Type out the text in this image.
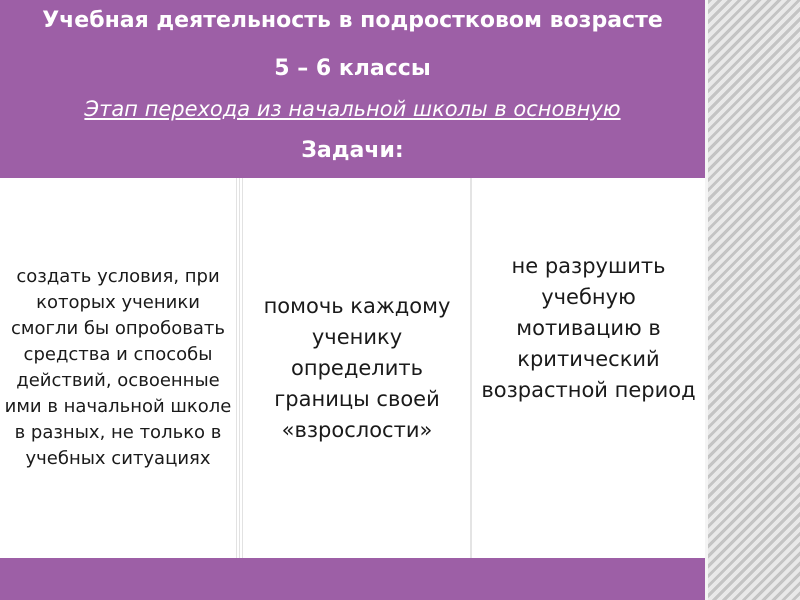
Учебная деятельность в подростковом возрасте
5 – 6 классы
Этап перехода из начальной школы в основную
Задачи:
создать условия, при которых ученики смогли бы опробовать средства и способы действий, освоенные ими в начальной школе в разных, не только в учебных ситуациях
помочь каждому ученику определить границы своей «взрослости»
не разрушить учебную мотивацию в критический возрастной период
